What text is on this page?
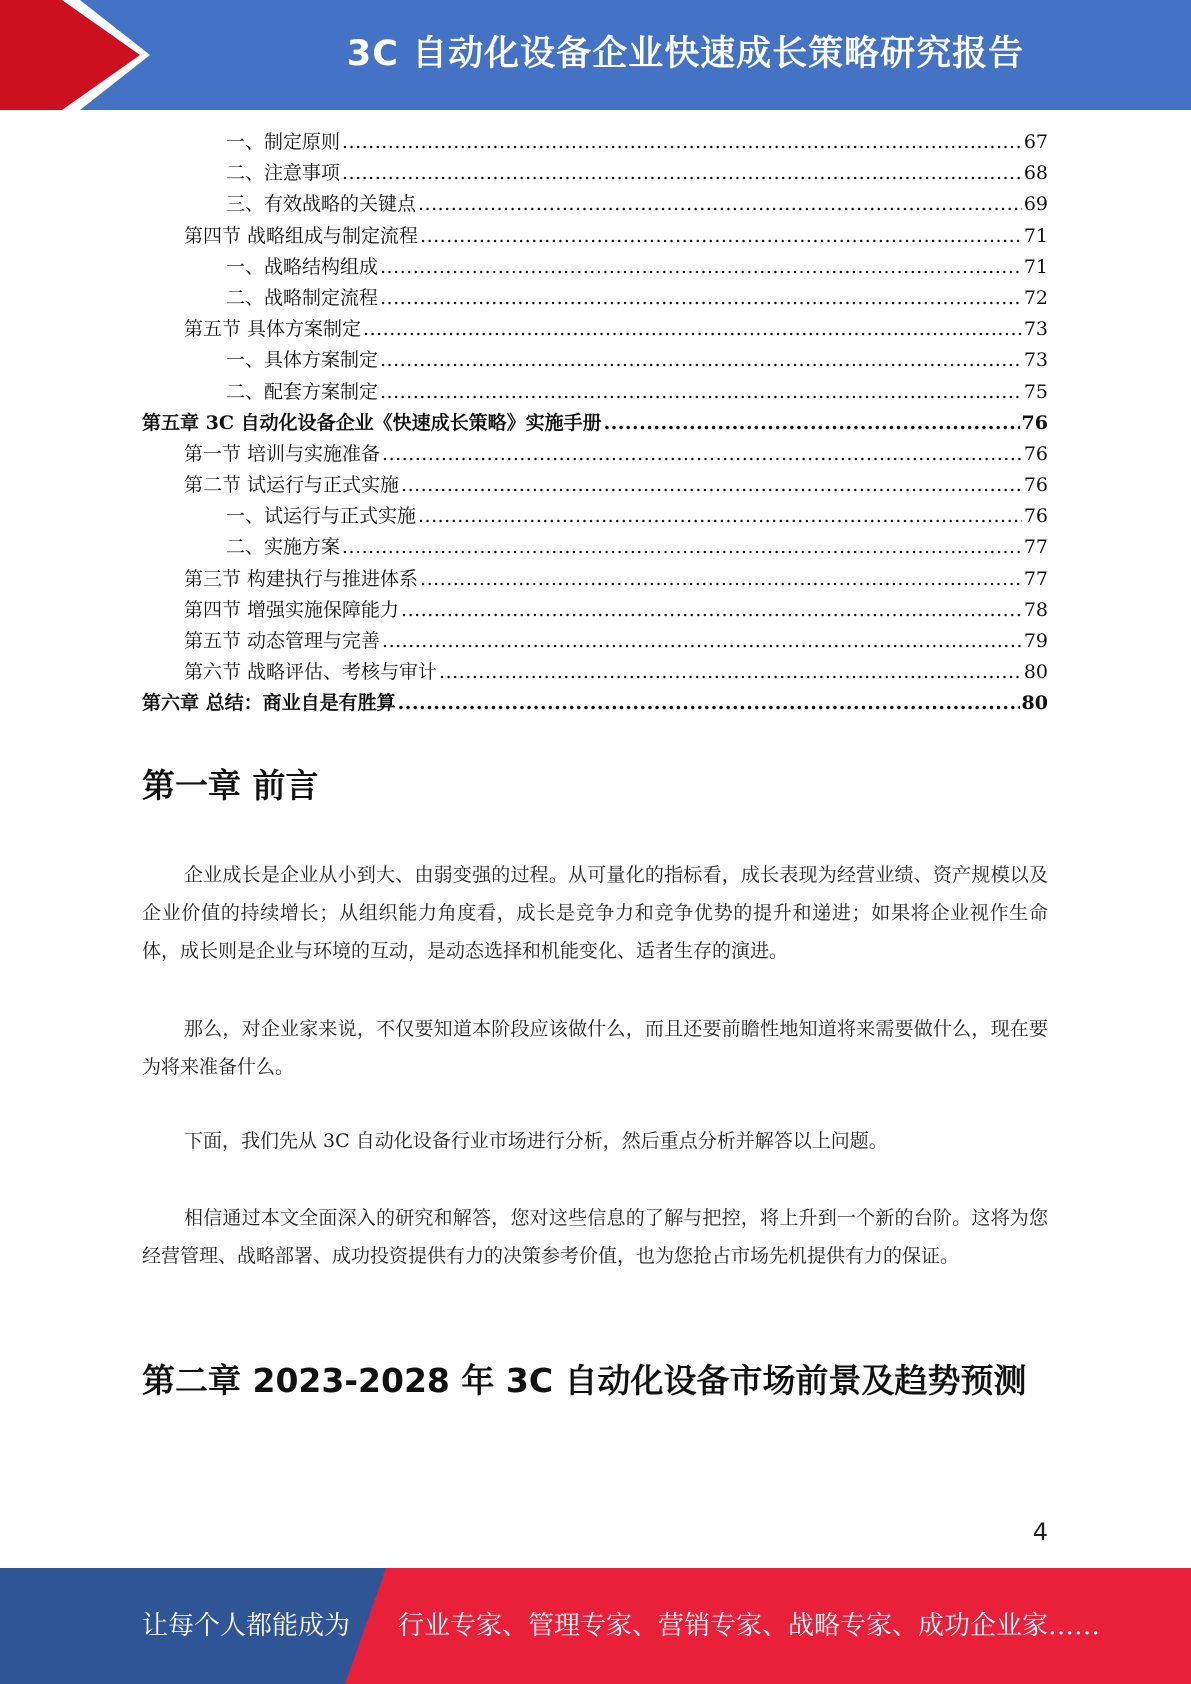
3C 自动化设备企业快速成长策略研究报告
一、制定原则 .....	67
二、注意事项 .....	68
三、有效战略的关键点 .....	69
第四节 战略组成与制定流程 .....	71
一、战略结构组成 .....	71
二、战略制定流程 .....	72
第五节 具体方案制定 .....	73
一、具体方案制定 .....	73
二、配套方案制定 .....	75
第五章 3C 自动化设备企业《快速成长策略》实施手册 .....	76
第一节 培训与实施准备 .....	76
第二节 试运行与正式实施 .....	76
一、试运行与正式实施 .....	76
二、实施方案 .....	77
第三节 构建执行与推进体系 .....	77
第四节 增强实施保障能力 .....	78
第五节 动态管理与完善 .....	79
第六节 战略评估、考核与审计 .....	80
第六章 总结：商业自是有胜算 .....	80
第一章 前言

企业成长是企业从小到大、由弱变强的过程。从可量化的指标看，成长表现为经营业绩、资产规模以及企业价值的持续增长；从组织能力角度看，成长是竞争力和竞争优势的提升和递进；如果将企业视作生命体，成长则是企业与环境的互动，是动态选择和机能变化、适者生存的演进。

那么，对企业家来说，不仅要知道本阶段应该做什么，而且还要前瞻性地知道将来需要做什么，现在要为将来准备什么。

下面，我们先从 3C 自动化设备行业市场进行分析，然后重点分析并解答以上问题。

相信通过本文全面深入的研究和解答，您对这些信息的了解与把控，将上升到一个新的台阶。这将为您经营管理、战略部署、成功投资提供有力的决策参考价值，也为您抢占市场先机提供有力的保证。

第二章 2023-2028 年 3C 自动化设备市场前景及趋势预测
4
让每个人都能成为 行业专家、管理专家、营销专家、战略专家、成功企业家……
